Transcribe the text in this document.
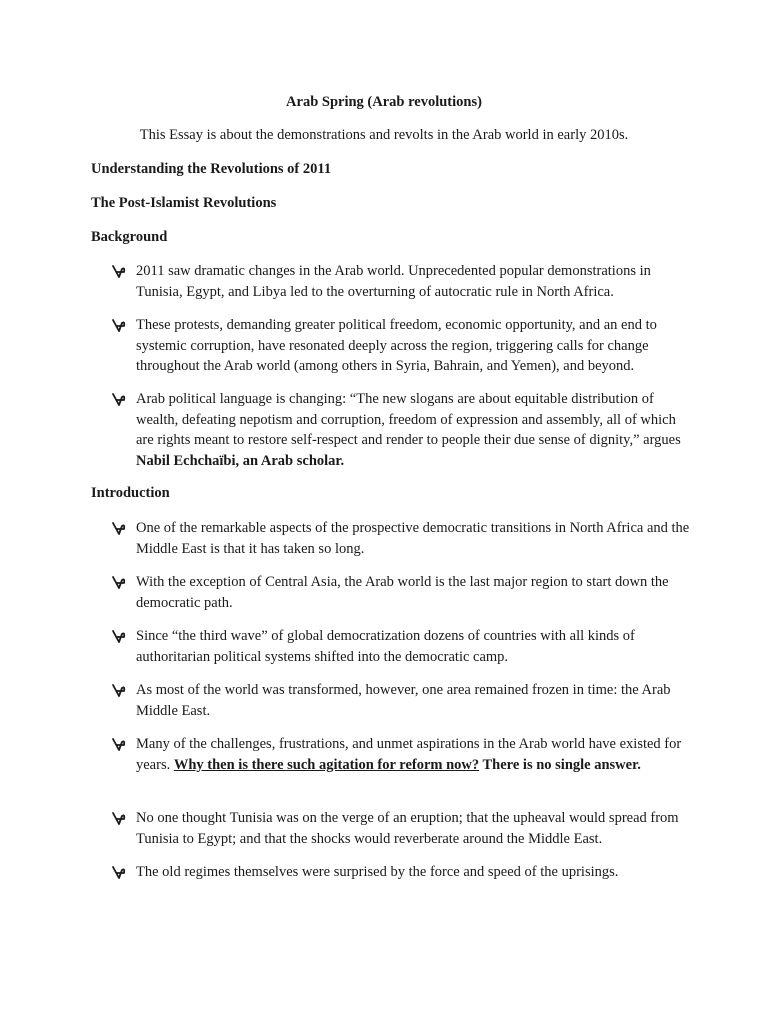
Arab Spring (Arab revolutions)

This Essay is about the demonstrations and revolts in the Arab world in early 2010s.

Understanding the Revolutions of 2011

The Post-Islamist Revolutions

Background

2011 saw dramatic changes in the Arab world. Unprecedented popular demonstrations in Tunisia, Egypt, and Libya led to the overturning of autocratic rule in North Africa.
These protests, demanding greater political freedom, economic opportunity, and an end to systemic corruption, have resonated deeply across the region, triggering calls for change throughout the Arab world (among others in Syria, Bahrain, and Yemen), and beyond.
Arab political language is changing: “The new slogans are about equitable distribution of wealth, defeating nepotism and corruption, freedom of expression and assembly, all of which are rights meant to restore self-respect and render to people their due sense of dignity,” argues Nabil Echchaïbi, an Arab scholar.

Introduction

One of the remarkable aspects of the prospective democratic transitions in North Africa and the Middle East is that it has taken so long.
With the exception of Central Asia, the Arab world is the last major region to start down the democratic path.
Since “the third wave” of global democratization dozens of countries with all kinds of authoritarian political systems shifted into the democratic camp.
As most of the world was transformed, however, one area remained frozen in time: the Arab Middle East.
Many of the challenges, frustrations, and unmet aspirations in the Arab world have existed for years. Why then is there such agitation for reform now? There is no single answer.
No one thought Tunisia was on the verge of an eruption; that the upheaval would spread from Tunisia to Egypt; and that the shocks would reverberate around the Middle East.
The old regimes themselves were surprised by the force and speed of the uprisings.
